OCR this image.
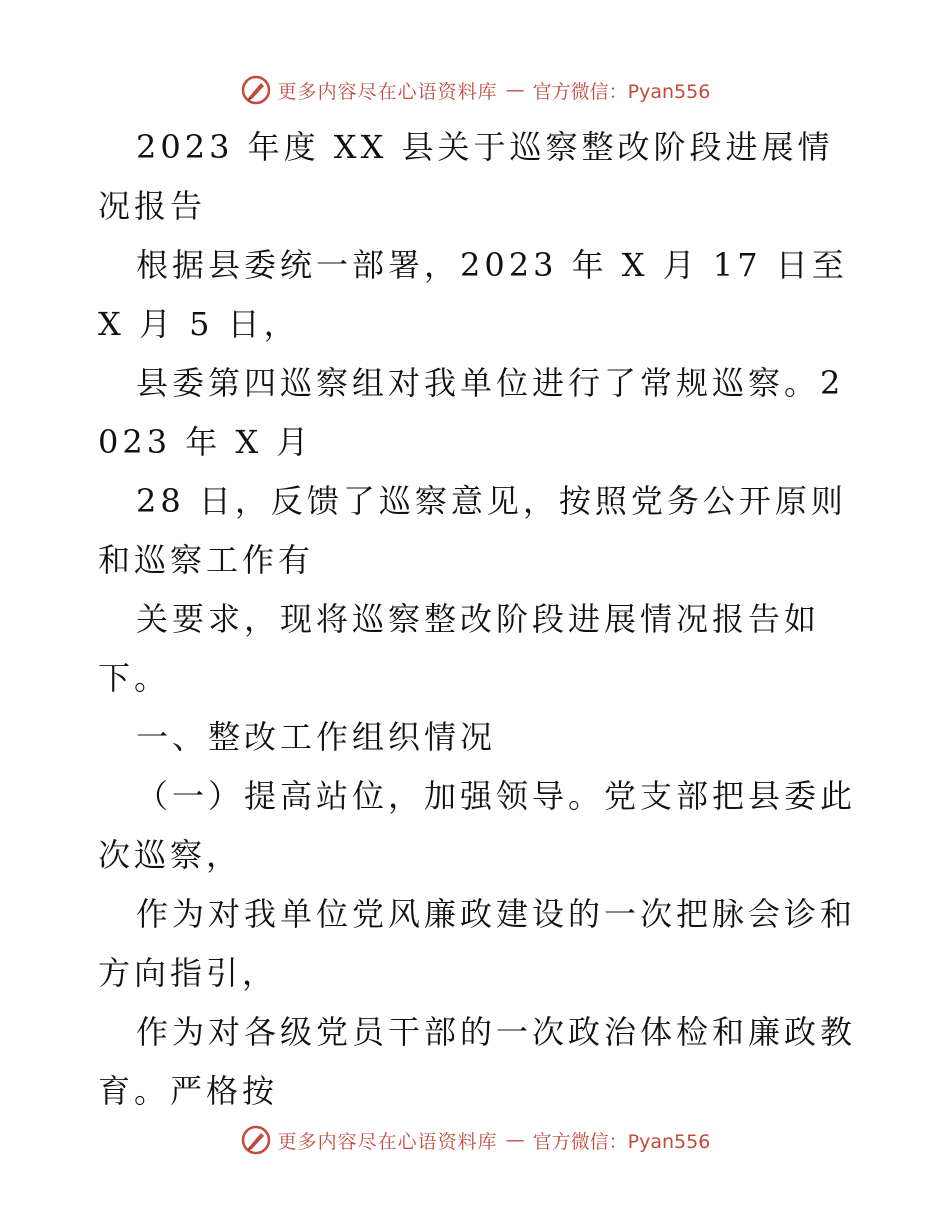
更多内容尽在心语资料库 — 官方微信：Pyan556

2023 年度 XX 县关于巡察整改阶段进展情况报告

根据县委统一部署，2023 年 X 月 17 日至 X 月 5 日，

县委第四巡察组对我单位进行了常规巡察。2023 年 X 月

28 日，反馈了巡察意见，按照党务公开原则和巡察工作有

关要求，现将巡察整改阶段进展情况报告如下。

一、整改工作组织情况

（一）提高站位，加强领导。党支部把县委此次巡察，

作为对我单位党风廉政建设的一次把脉会诊和方向指引，

作为对各级党员干部的一次政治体检和廉政教育。严格按

更多内容尽在心语资料库 — 官方微信：Pyan556
